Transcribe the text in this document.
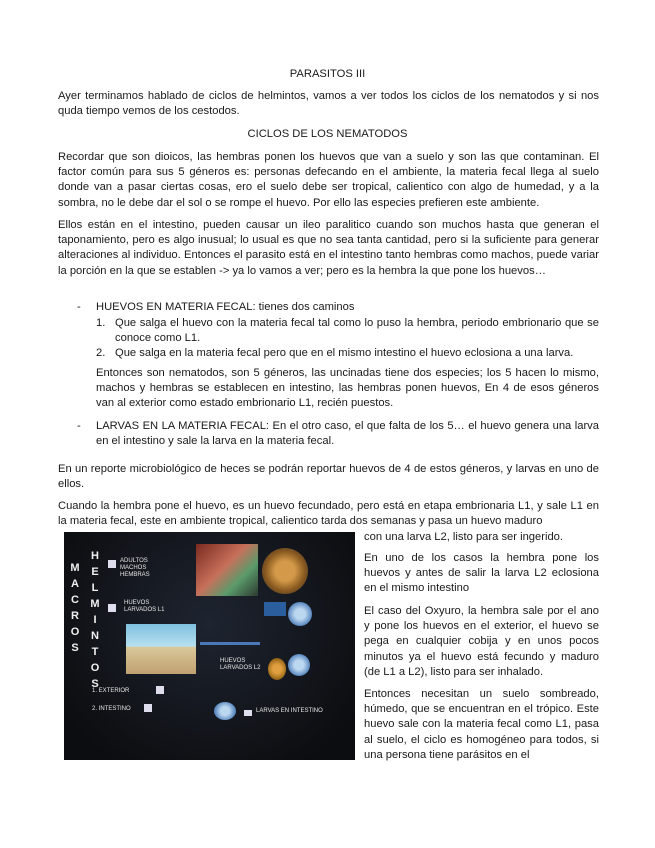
PARASITOS III
Ayer terminamos hablado de ciclos de helmintos, vamos a ver todos los ciclos de los nematodos y si nos quda tiempo vemos de los cestodos.
CICLOS DE LOS NEMATODOS
Recordar que son dioicos, las hembras ponen los huevos que van a suelo y son las que contaminan. El factor común para sus 5 géneros es: personas defecando en el ambiente, la materia fecal llega al suelo donde van a pasar ciertas cosas, ero el suelo debe ser tropical, calientico con algo de humedad, y a la sombra, no le debe dar el sol o se rompe el huevo. Por ello las especies prefieren este ambiente.
Ellos están en el intestino, pueden causar un ileo paralitico cuando son muchos hasta que generan el taponamiento, pero es algo inusual; lo usual es que no sea tanta cantidad, pero si la suficiente para generar alteraciones al individuo. Entonces el parasito está en el intestino tanto hembras como machos, puede variar la porción en la que se establen -> ya lo vamos a ver; pero es la hembra la que pone los huevos…
- HUEVOS EN MATERIA FECAL: tienes dos caminos
1. Que salga el huevo con la materia fecal tal como lo puso la hembra, periodo embrionario que se conoce como L1.
2. Que salga en la materia fecal pero que en el mismo intestino el huevo eclosiona a una larva.
Entonces son nematodos, son 5 géneros, las uncinadas tiene dos especies; los 5 hacen lo mismo, machos y hembras se establecen en intestino, las hembras ponen huevos, En 4 de esos géneros van al exterior como estado embrionario L1, recién puestos.
- LARVAS EN LA MATERIA FECAL: En el otro caso, el que falta de los 5… el huevo genera una larva en el intestino y sale la larva en la materia fecal.
En un reporte microbiológico de heces se podrán reportar huevos de 4 de estos géneros, y larvas en uno de ellos.
Cuando la hembra pone el huevo, es un huevo fecundado, pero está en etapa embrionaria L1, y sale L1 en la materia fecal, este en ambiente tropical, calientico tarda dos semanas y pasa un huevo maduro
con una larva L2, listo para ser ingerido.
En uno de los casos la hembra pone los huevos y antes de salir la larva L2 eclosiona en el mismo intestino
El caso del Oxyuro, la hembra sale por el ano y pone los huevos en el exterior, el huevo se pega en cualquier cobija y en unos pocos minutos ya el huevo está fecundo y maduro (de L1 a L2), listo para ser inhalado.
Entonces necesitan un suelo sombreado, húmedo, que se encuentran en el trópico. Este huevo sale con la materia fecal como L1, pasa al suelo, el ciclo es homogéneo para todos, si una persona tiene parásitos en el
M
A
C
R
O
S
H
E
L
M
I
N
T
O
S
ADULTOS MACHOS HEMBRAS
HUEVOS LARVADOS L1
HUEVOS LARVADOS L2
1. EXTERIOR
2. INTESTINO	LARVAS EN INTESTINO
